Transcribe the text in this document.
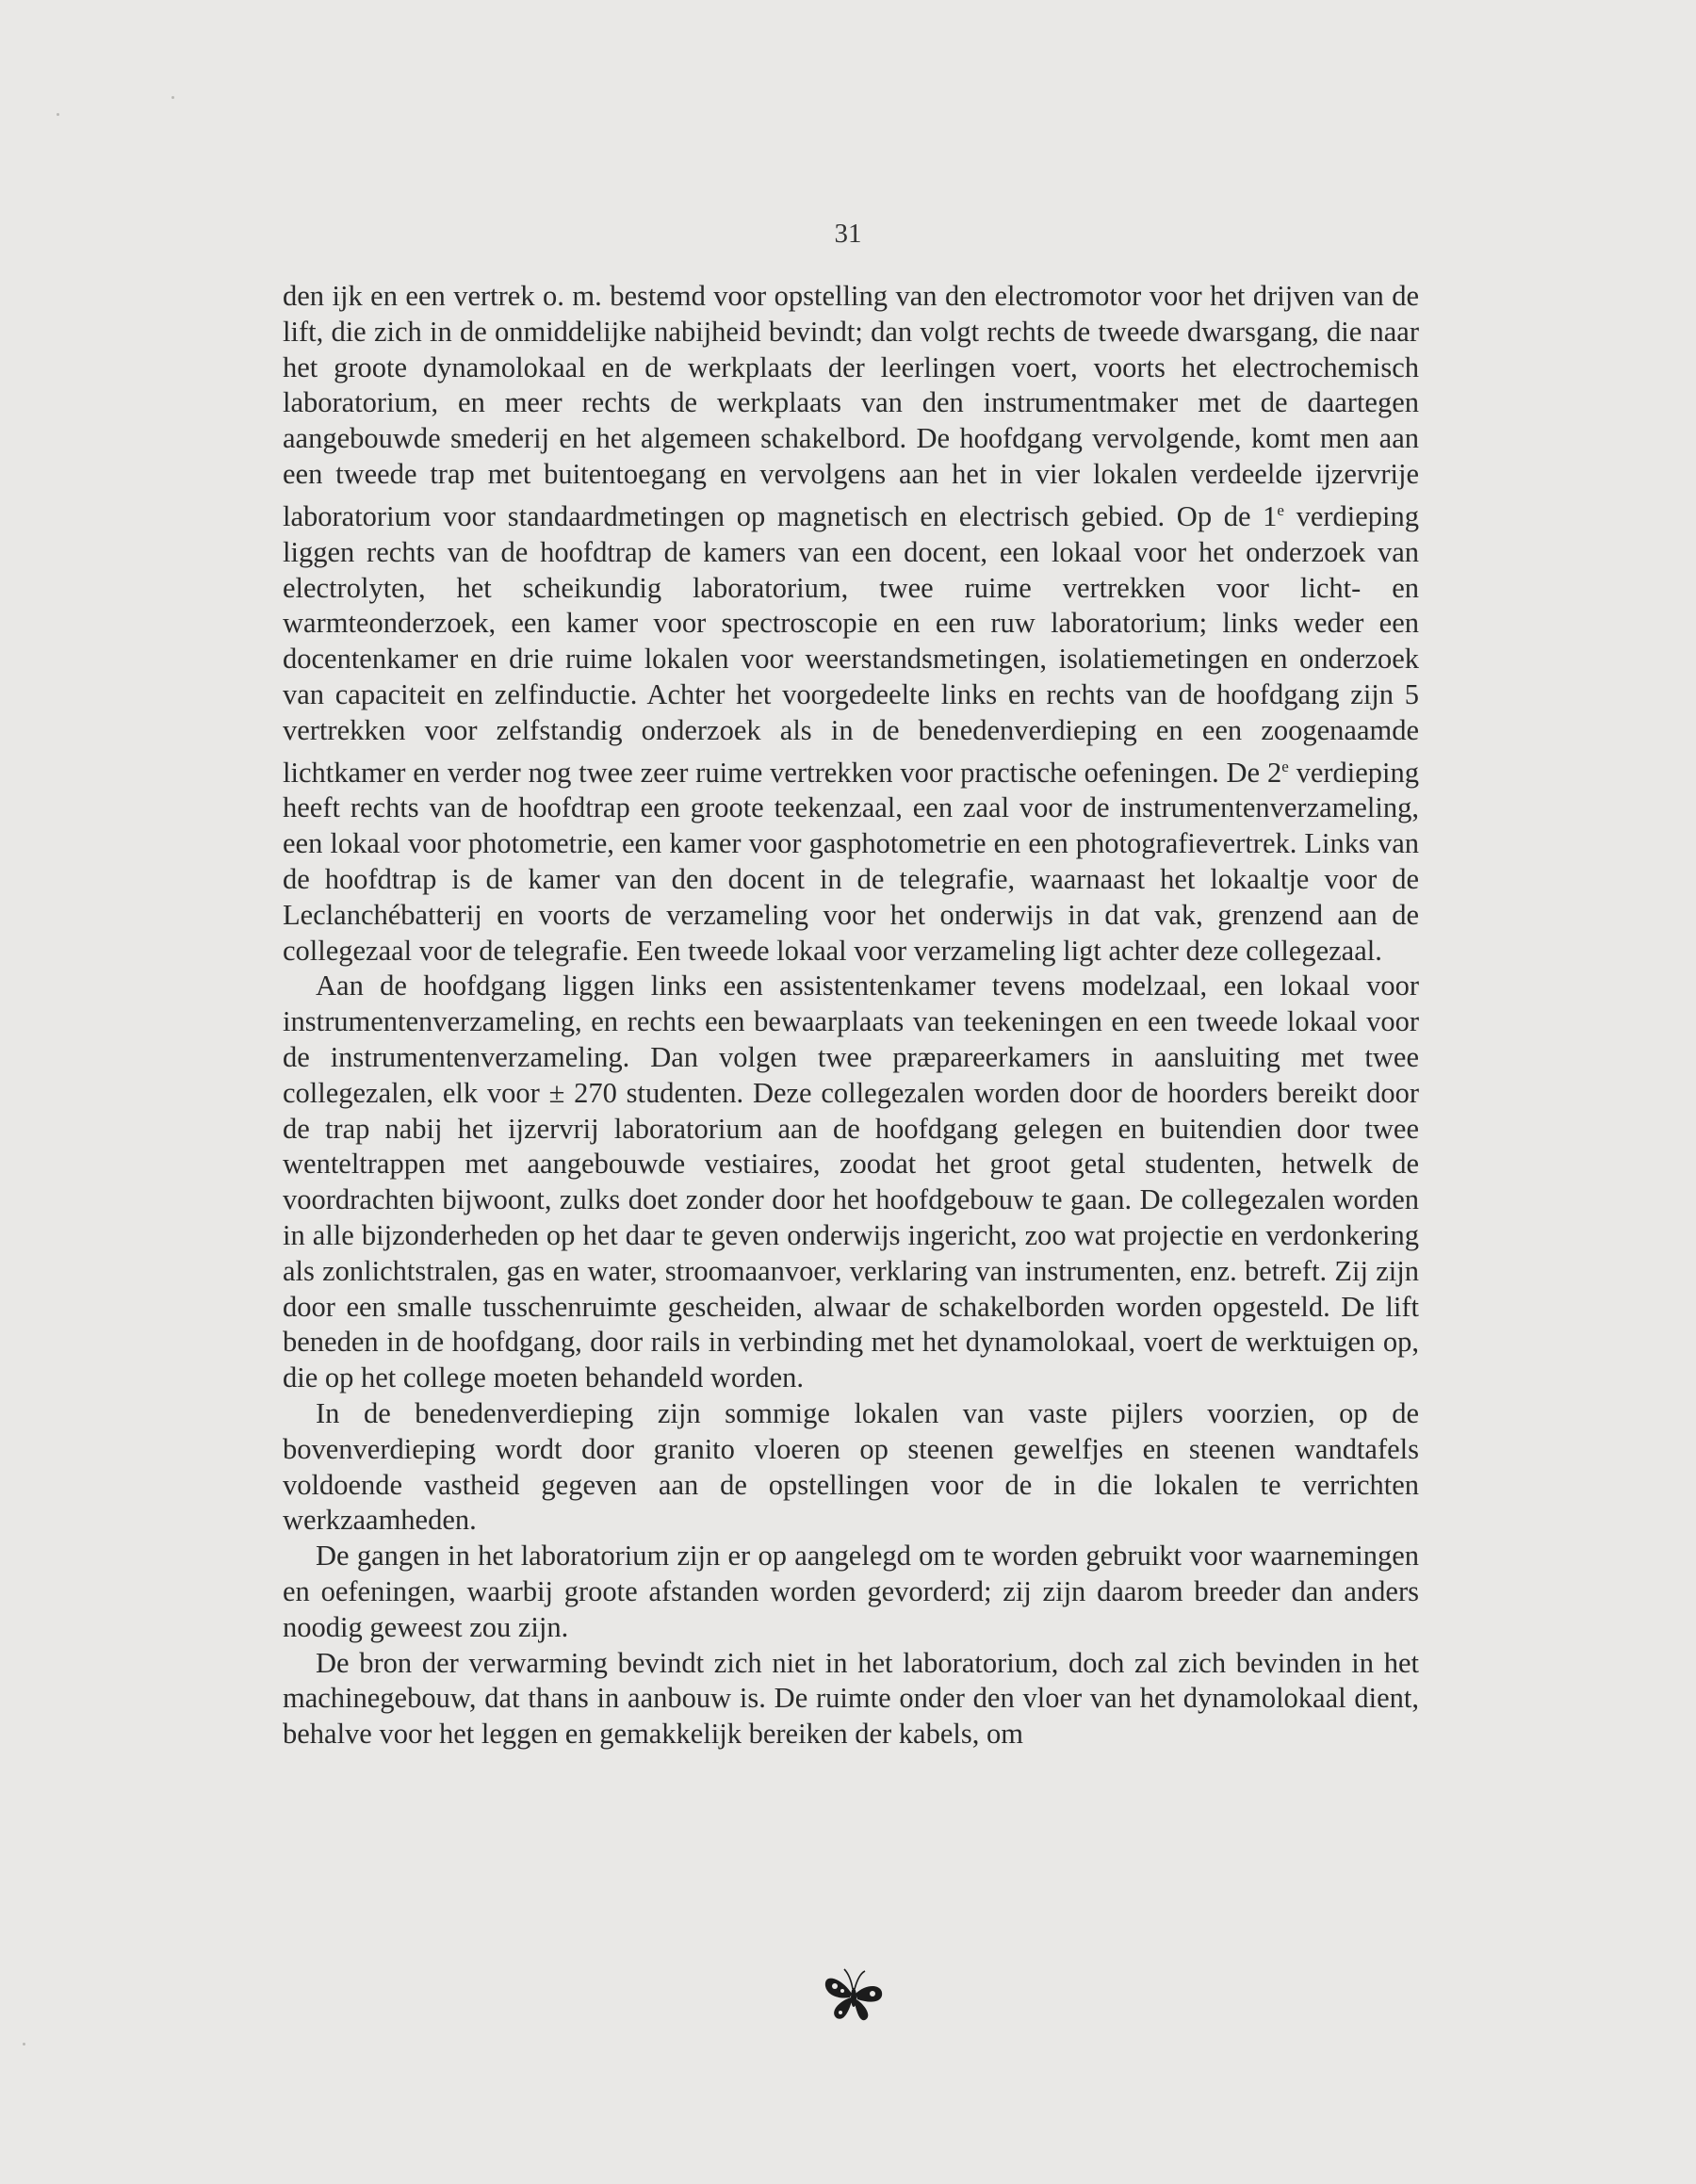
31

den ijk en een vertrek o. m. bestemd voor opstelling van den electromotor voor het drijven van de lift, die zich in de onmiddelijke nabijheid bevindt; dan volgt rechts de tweede dwarsgang, die naar het groote dynamolokaal en de werkplaats der leerlingen voert, voorts het electrochemisch laboratorium, en meer rechts de werkplaats van den instrumentmaker met de daartegen aangebouwde smederij en het algemeen schakelbord. De hoofdgang vervolgende, komt men aan een tweede trap met buitentoegang en vervolgens aan het in vier lokalen verdeelde ijzervrije laboratorium voor standaardmetingen op magnetisch en electrisch gebied. Op de 1e verdieping liggen rechts van de hoofdtrap de kamers van een docent, een lokaal voor het onderzoek van electrolyten, het scheikundig laboratorium, twee ruime vertrekken voor licht- en warmteonderzoek, een kamer voor spectroscopie en een ruw laboratorium; links weder een docentenkamer en drie ruime lokalen voor weerstandsmetingen, isolatiemetingen en onderzoek van capaciteit en zelfinductie. Achter het voorgedeelte links en rechts van de hoofdgang zijn 5 vertrekken voor zelfstandig onderzoek als in de benedenverdieping en een zoogenaamde lichtkamer en verder nog twee zeer ruime vertrekken voor practische oefeningen. De 2e verdieping heeft rechts van de hoofdtrap een groote teekenzaal, een zaal voor de instrumentenverzameling, een lokaal voor photometrie, een kamer voor gasphotometrie en een photografievertrek. Links van de hoofdtrap is de kamer van den docent in de telegrafie, waarnaast het lokaaltje voor de Leclanchébatterij en voorts de verzameling voor het onderwijs in dat vak, grenzend aan de collegezaal voor de telegrafie. Een tweede lokaal voor verzameling ligt achter deze collegezaal.

Aan de hoofdgang liggen links een assistentenkamer tevens modelzaal, een lokaal voor instrumentenverzameling, en rechts een bewaarplaats van teekeningen en een tweede lokaal voor de instrumentenverzameling. Dan volgen twee præpareerkamers in aansluiting met twee collegezalen, elk voor ± 270 studenten. Deze collegezalen worden door de hoorders bereikt door de trap nabij het ijzervrij laboratorium aan de hoofdgang gelegen en buitendien door twee wenteltrappen met aangebouwde vestiaires, zoodat het groot getal studenten, hetwelk de voordrachten bijwoont, zulks doet zonder door het hoofdgebouw te gaan. De collegezalen worden in alle bijzonderheden op het daar te geven onderwijs ingericht, zoo wat projectie en verdonkering als zonlichtstralen, gas en water, stroomaanvoer, verklaring van instrumenten, enz. betreft. Zij zijn door een smalle tusschenruimte gescheiden, alwaar de schakelborden worden opgesteld. De lift beneden in de hoofdgang, door rails in verbinding met het dynamolokaal, voert de werktuigen op, die op het college moeten behandeld worden.

In de benedenverdieping zijn sommige lokalen van vaste pijlers voorzien, op de bovenverdieping wordt door granito vloeren op steenen gewelfjes en steenen wandtafels voldoende vastheid gegeven aan de opstellingen voor de in die lokalen te verrichten werkzaamheden.

De gangen in het laboratorium zijn er op aangelegd om te worden gebruikt voor waarnemingen en oefeningen, waarbij groote afstanden worden gevorderd; zij zijn daarom breeder dan anders noodig geweest zou zijn.

De bron der verwarming bevindt zich niet in het laboratorium, doch zal zich bevinden in het machinegebouw, dat thans in aanbouw is. De ruimte onder den vloer van het dynamolokaal dient, behalve voor het leggen en gemakkelijk bereiken der kabels, om
